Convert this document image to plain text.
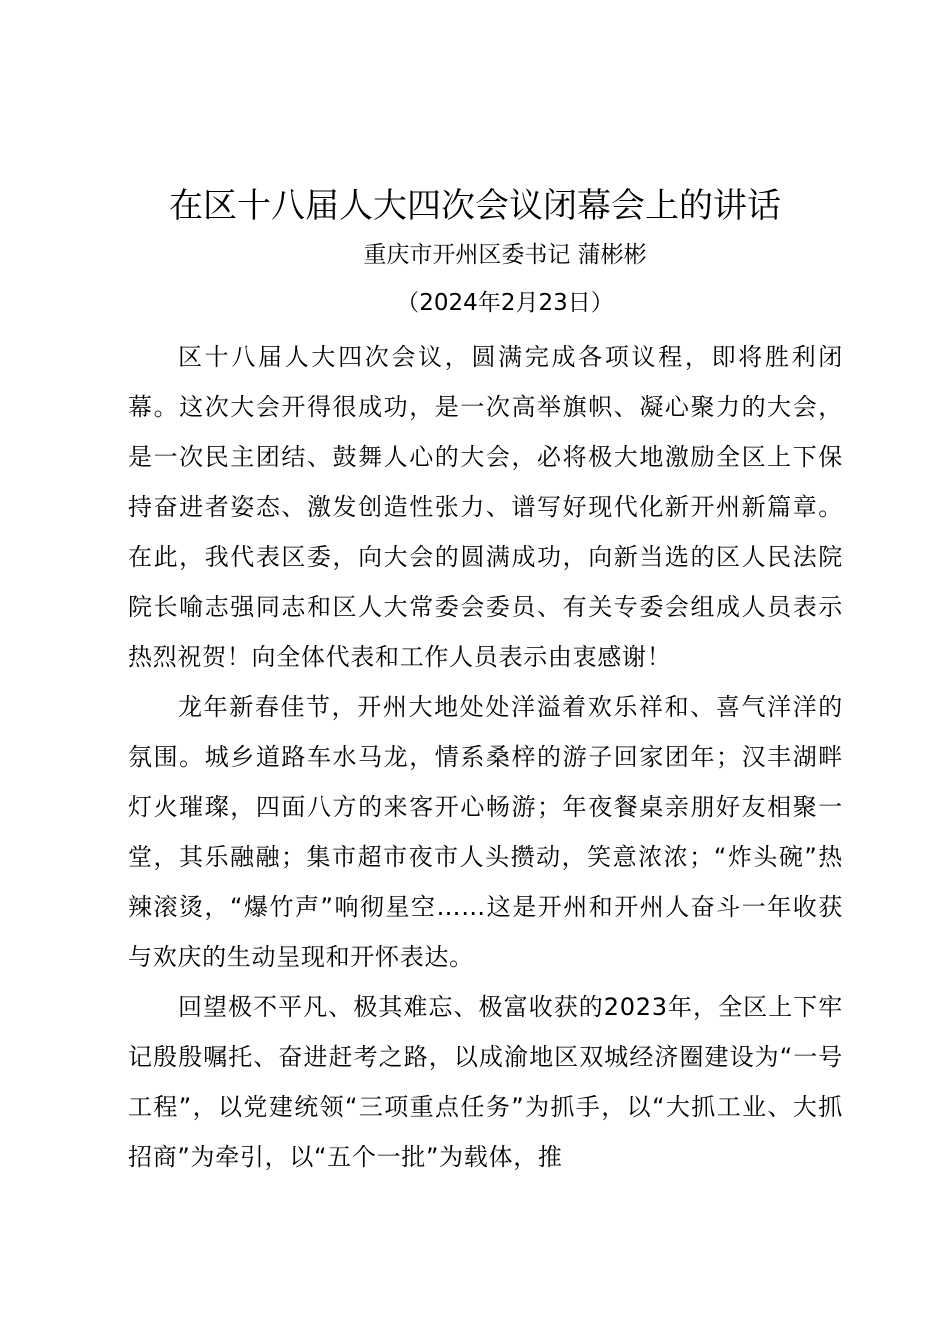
在区十八届人大四次会议闭幕会上的讲话
重庆市开州区委书记 蒲彬彬
（2024年2月23日）

区十八届人大四次会议，圆满完成各项议程，即将胜利闭幕。这次大会开得很成功，是一次高举旗帜、凝心聚力的大会，是一次民主团结、鼓舞人心的大会，必将极大地激励全区上下保持奋进者姿态、激发创造性张力、谱写好现代化新开州新篇章。在此，我代表区委，向大会的圆满成功，向新当选的区人民法院院长喻志强同志和区人大常委会委员、有关专委会组成人员表示热烈祝贺！向全体代表和工作人员表示由衷感谢！

龙年新春佳节，开州大地处处洋溢着欢乐祥和、喜气洋洋的氛围。城乡道路车水马龙，情系桑梓的游子回家团年；汉丰湖畔灯火璀璨，四面八方的来客开心畅游；年夜餐桌亲朋好友相聚一堂，其乐融融；集市超市夜市人头攒动，笑意浓浓；“炸头碗”热辣滚烫，“爆竹声”响彻星空……这是开州和开州人奋斗一年收获与欢庆的生动呈现和开怀表达。

回望极不平凡、极其难忘、极富收获的2023年，全区上下牢记殷殷嘱托、奋进赶考之路，以成渝地区双城经济圈建设为“一号工程”，以党建统领“三项重点任务”为抓手，以“大抓工业、大抓招商”为牵引，以“五个一批”为载体，推
